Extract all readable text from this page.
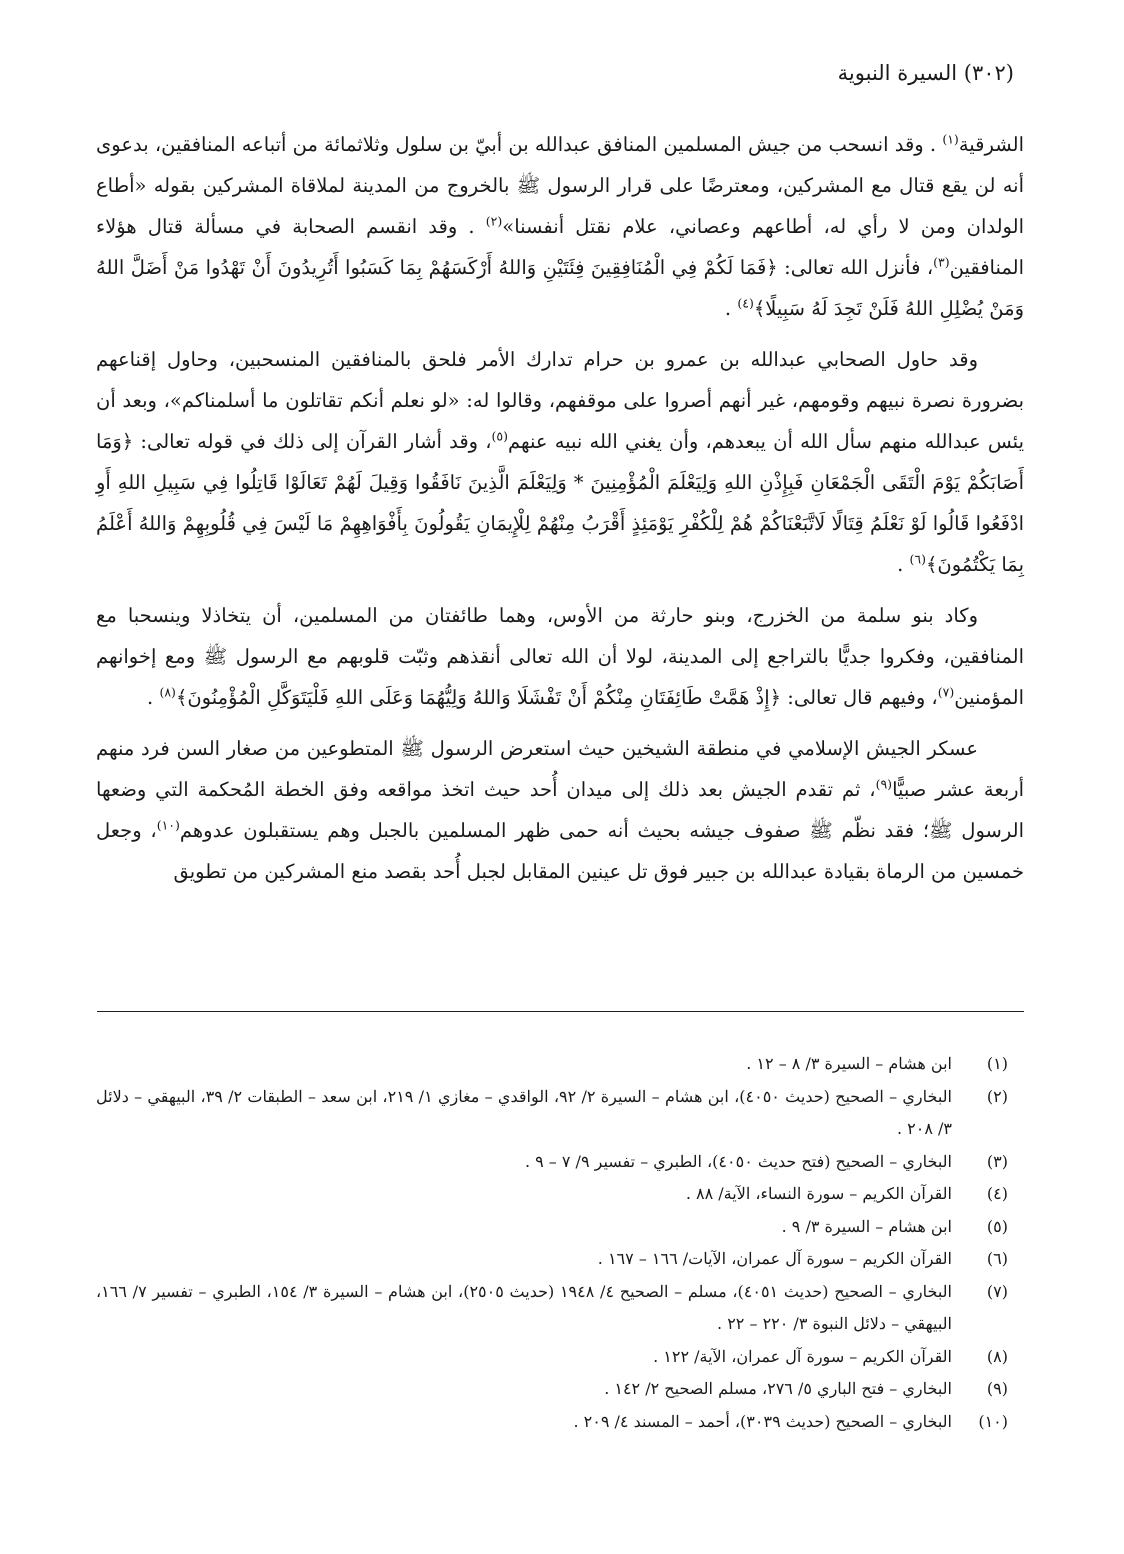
(٣٠٢) السيرة النبوية

الشرقية$^{(١)}$ . وقد انسحب من جيش المسلمين المنافق عبدالله بن أبيّ بن سلول وثلاثمائة من أتباعه المنافقين، بدعوى أنه لن يقع قتال مع المشركين، ومعترضًا على قرار الرسول ﷺ بالخروج من المدينة لملاقاة المشركين بقوله «أطاع الولدان ومن لا رأي له، أطاعهم وعصاني، علام نقتل أنفسنا»$^{(٢)}$ . وقد انقسم الصحابة في مسألة قتال هؤلاء المنافقين$^{(٣)}$، فأنزل الله تعالى: ﴿فَمَا لَكُمْ فِي الْمُنَافِقِينَ فِئَتَيْنِ وَاللهُ أَرْكَسَهُمْ بِمَا كَسَبُوا أَتُرِيدُونَ أَنْ تَهْدُوا مَنْ أَضَلَّ اللهُ وَمَنْ يُضْلِلِ اللهُ فَلَنْ تَجِدَ لَهُ سَبِيلًا﴾$^{(٤)}$ .

وقد حاول الصحابي عبدالله بن عمرو بن حرام تدارك الأمر فلحق بالمنافقين المنسحبين، وحاول إقناعهم بضرورة نصرة نبيهم وقومهم، غير أنهم أصروا على موقفهم، وقالوا له: «لو نعلم أنكم تقاتلون ما أسلمناكم»، وبعد أن يئس عبدالله منهم سأل الله أن يبعدهم، وأن يغني الله نبيه عنهم$^{(٥)}$، وقد أشار القرآن إلى ذلك في قوله تعالى: ﴿وَمَا أَصَابَكُمْ يَوْمَ الْتَقَى الْجَمْعَانِ فَبِإِذْنِ اللهِ وَلِيَعْلَمَ الْمُؤْمِنِينَ * وَلِيَعْلَمَ الَّذِينَ نَافَقُوا وَقِيلَ لَهُمْ تَعَالَوْا قَاتِلُوا فِي سَبِيلِ اللهِ أَوِ ادْفَعُوا قَالُوا لَوْ نَعْلَمُ قِتَالًا لَاتَّبَعْنَاكُمْ هُمْ لِلْكُفْرِ يَوْمَئِذٍ أَقْرَبُ مِنْهُمْ لِلْإِيمَانِ يَقُولُونَ بِأَفْوَاهِهِمْ مَا لَيْسَ فِي قُلُوبِهِمْ وَاللهُ أَعْلَمُ بِمَا يَكْتُمُونَ﴾$^{(٦)}$ .

وكاد بنو سلمة من الخزرج، وبنو حارثة من الأوس، وهما طائفتان من المسلمين، أن يتخاذلا وينسحبا مع المنافقين، وفكروا جديًّا بالتراجع إلى المدينة، لولا أن الله تعالى أنقذهم وثبّت قلوبهم مع الرسول ﷺ ومع إخوانهم المؤمنين$^{(٧)}$، وفيهم قال تعالى: ﴿إِذْ هَمَّتْ طَائِفَتَانِ مِنْكُمْ أَنْ تَفْشَلَا وَاللهُ وَلِيُّهُمَا وَعَلَى اللهِ فَلْيَتَوَكَّلِ الْمُؤْمِنُونَ﴾$^{(٨)}$ .

عسكر الجيش الإسلامي في منطقة الشيخين حيث استعرض الرسول ﷺ المتطوعين من صغار السن فرد منهم أربعة عشر صبيًّا$^{(٩)}$، ثم تقدم الجيش بعد ذلك إلى ميدان أُحد حيث اتخذ مواقعه وفق الخطة المُحكمة التي وضعها الرسول ﷺ؛ فقد نظّم ﷺ صفوف جيشه بحيث أنه حمى ظهر المسلمين بالجبل وهم يستقبلون عدوهم$^{(١٠)}$، وجعل خمسين من الرماة بقيادة عبدالله بن جبير فوق تل عينين المقابل لجبل أُحد بقصد منع المشركين من تطويق

(١)
ابن هشام – السيرة ٣/ ٨ – ١٢ .
(٢)
البخاري – الصحيح (حديث ٤٠٥٠)، ابن هشام – السيرة ٢/ ٩٢، الواقدي – مغازي ١/ ٢١٩، ابن سعد – الطبقات ٢/ ٣٩، البيهقي – دلائل ٣/ ٢٠٨ .
(٣)
البخاري – الصحيح (فتح حديث ٤٠٥٠)، الطبري – تفسير ٩/ ٧ – ٩ .
(٤)
القرآن الكريم – سورة النساء، الآية/ ٨٨ .
(٥)
ابن هشام – السيرة ٣/ ٩ .
(٦)
القرآن الكريم – سورة آل عمران، الآيات/ ١٦٦ – ١٦٧ .
(٧)
البخاري – الصحيح (حديث ٤٠٥١)، مسلم – الصحيح ٤/ ١٩٤٨ (حديث ٢٥٠٥)، ابن هشام – السيرة ٣/ ١٥٤، الطبري – تفسير ٧/ ١٦٦، البيهقي – دلائل النبوة ٣/ ٢٢٠ – ٢٢ .
(٨)
القرآن الكريم – سورة آل عمران، الآية/ ١٢٢ .
(٩)
البخاري – فتح الباري ٥/ ٢٧٦، مسلم الصحيح ٢/ ١٤٢ .
(١٠)
البخاري – الصحيح (حديث ٣٠٣٩)، أحمد – المسند ٤/ ٢٠٩ .
